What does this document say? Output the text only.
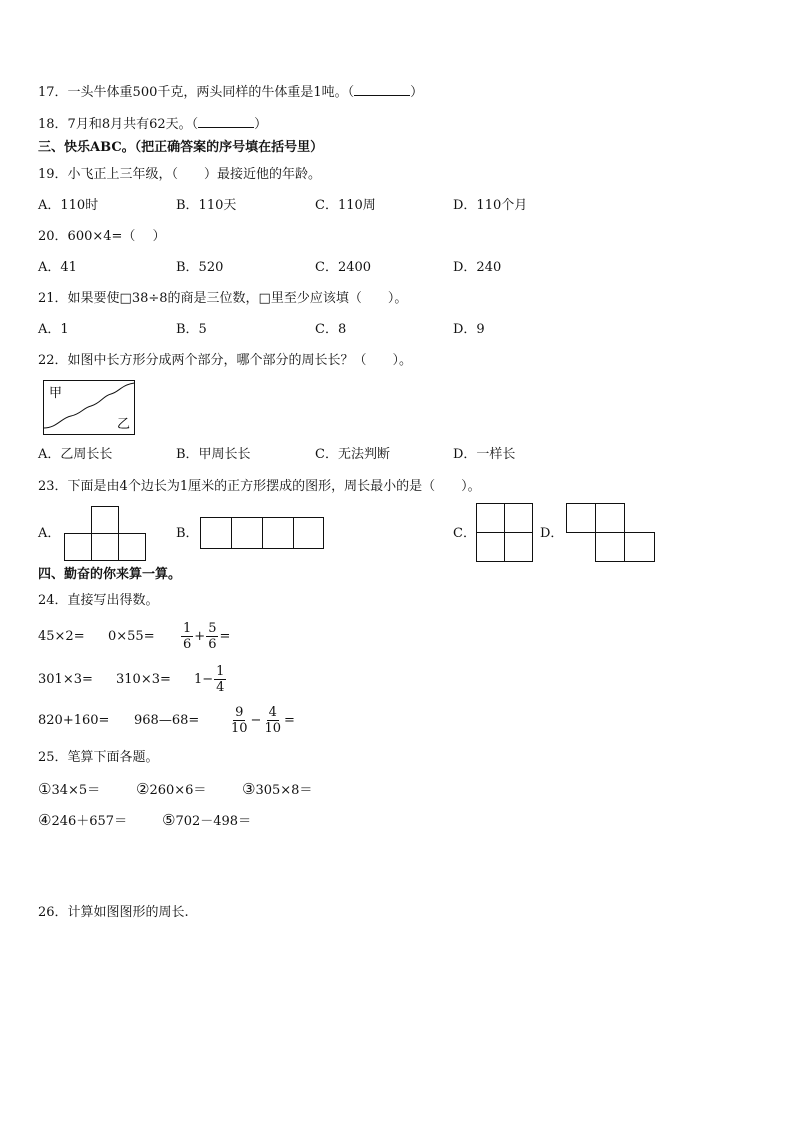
17．一头牛体重500千克，两头同样的牛体重是1吨。（	）
18．7月和8月共有62天。（	）
三、快乐ABC。（把正确答案的序号填在括号里）
19．小飞正上三年级，（　　）最接近他的年龄。
A．110时	B．110天	C．110周	D．110个月
20．600×4=（　 ）
A．41	B．520	C．2400	D．240
21．如果要使□38÷8的商是三位数，□里至少应该填（　　）。
A．1	B．5	C．8	D．9
22．如图中长方形分成两个部分，哪个部分的周长长？（　　）。
甲
乙
A．乙周长长	B．甲周长长	C．无法判断	D．一样长
23．下面是由4个边长为1厘米的正方形摆成的图形，周长最小的是（　　）。
A．	B．	C．	D．
四、勤奋的你来算一算。
24．直接写出得数。
45×2=	0×55=	$\frac{1}{6} + \frac{5}{6}$ =
301×3=	310×3=	$1- \frac{1}{4}$
820+160=	968—68=	$\frac{9}{10} - \frac{4}{10}$ =
25．笔算下面各题。
①34×5＝ ②260×6＝ ③305×8＝
④246＋657＝ ⑤702－498＝
26．计算如图图形的周长.
